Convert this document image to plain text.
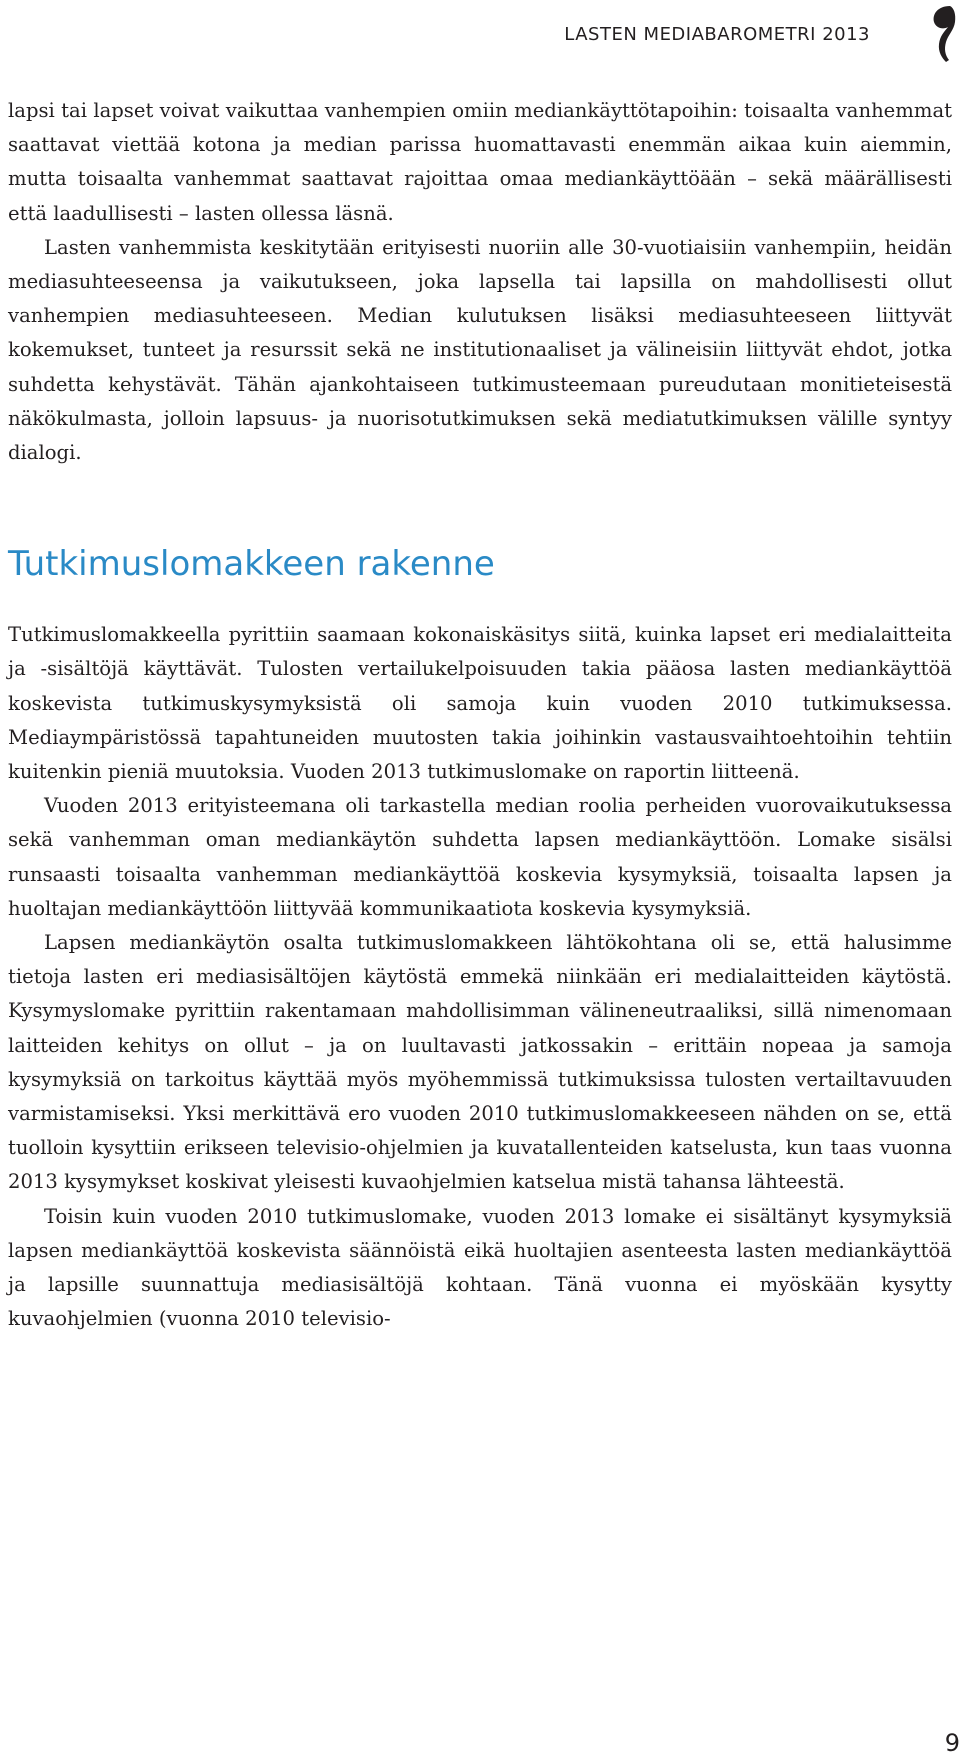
LASTEN MEDIABAROMETRI 2013

lapsi tai lapset voivat vaikuttaa vanhempien omiin mediankäyttötapoihin: toisaalta vanhemmat saattavat viettää kotona ja median parissa huomattavasti enemmän aikaa kuin aiemmin, mutta toisaalta vanhemmat saattavat rajoittaa omaa mediankäyttöään – sekä määrällisesti että laadullisesti – lasten ollessa läsnä.

Lasten vanhemmista keskitytään erityisesti nuoriin alle 30-vuotiaisiin vanhempiin, heidän mediasuhteeseensa ja vaikutukseen, joka lapsella tai lapsilla on mahdollisesti ollut vanhempien mediasuhteeseen. Median kulutuksen lisäksi mediasuhteeseen liittyvät kokemukset, tunteet ja resurssit sekä ne institutionaaliset ja välineisiin liittyvät ehdot, jotka suhdetta kehystävät. Tähän ajankohtaiseen tutkimusteemaan pureudutaan monitieteisestä näkökulmasta, jolloin lapsuus- ja nuorisotutkimuksen sekä mediatutkimuksen välille syntyy dialogi.

Tutkimuslomakkeen rakenne

Tutkimuslomakkeella pyrittiin saamaan kokonaiskäsitys siitä, kuinka lapset eri medialaitteita ja -sisältöjä käyttävät. Tulosten vertailukelpoisuuden takia pääosa lasten mediankäyttöä koskevista tutkimuskysymyksistä oli samoja kuin vuoden 2010 tutkimuksessa. Mediaympäristössä tapahtuneiden muutosten takia joihinkin vastausvaihtoehtoihin tehtiin kuitenkin pieniä muutoksia. Vuoden 2013 tutkimuslomake on raportin liitteenä.

Vuoden 2013 erityisteemana oli tarkastella median roolia perheiden vuorovaikutuksessa sekä vanhemman oman mediankäytön suhdetta lapsen mediankäyttöön. Lomake sisälsi runsaasti toisaalta vanhemman mediankäyttöä koskevia kysymyksiä, toisaalta lapsen ja huoltajan mediankäyttöön liittyvää kommunikaatiota koskevia kysymyksiä.

Lapsen mediankäytön osalta tutkimuslomakkeen lähtökohtana oli se, että halusimme tietoja lasten eri mediasisältöjen käytöstä emmekä niinkään eri medialaitteiden käytöstä. Kysymyslomake pyrittiin rakentamaan mahdollisimman välineneutraaliksi, sillä nimenomaan laitteiden kehitys on ollut – ja on luultavasti jatkossakin – erittäin nopeaa ja samoja kysymyksiä on tarkoitus käyttää myös myöhemmissä tutkimuksissa tulosten vertailtavuuden varmistamiseksi. Yksi merkittävä ero vuoden 2010 tutkimuslomakkeeseen nähden on se, että tuolloin kysyttiin erikseen televisio-ohjelmien ja kuvatallenteiden katselusta, kun taas vuonna 2013 kysymykset koskivat yleisesti kuvaohjelmien katselua mistä tahansa lähteestä.

Toisin kuin vuoden 2010 tutkimuslomake, vuoden 2013 lomake ei sisältänyt kysymyksiä lapsen mediankäyttöä koskevista säännöistä eikä huoltajien asenteesta lasten mediankäyttöä ja lapsille suunnattuja mediasisältöjä kohtaan. Tänä vuonna ei myöskään kysytty kuvaohjelmien (vuonna 2010 televisio-

9
